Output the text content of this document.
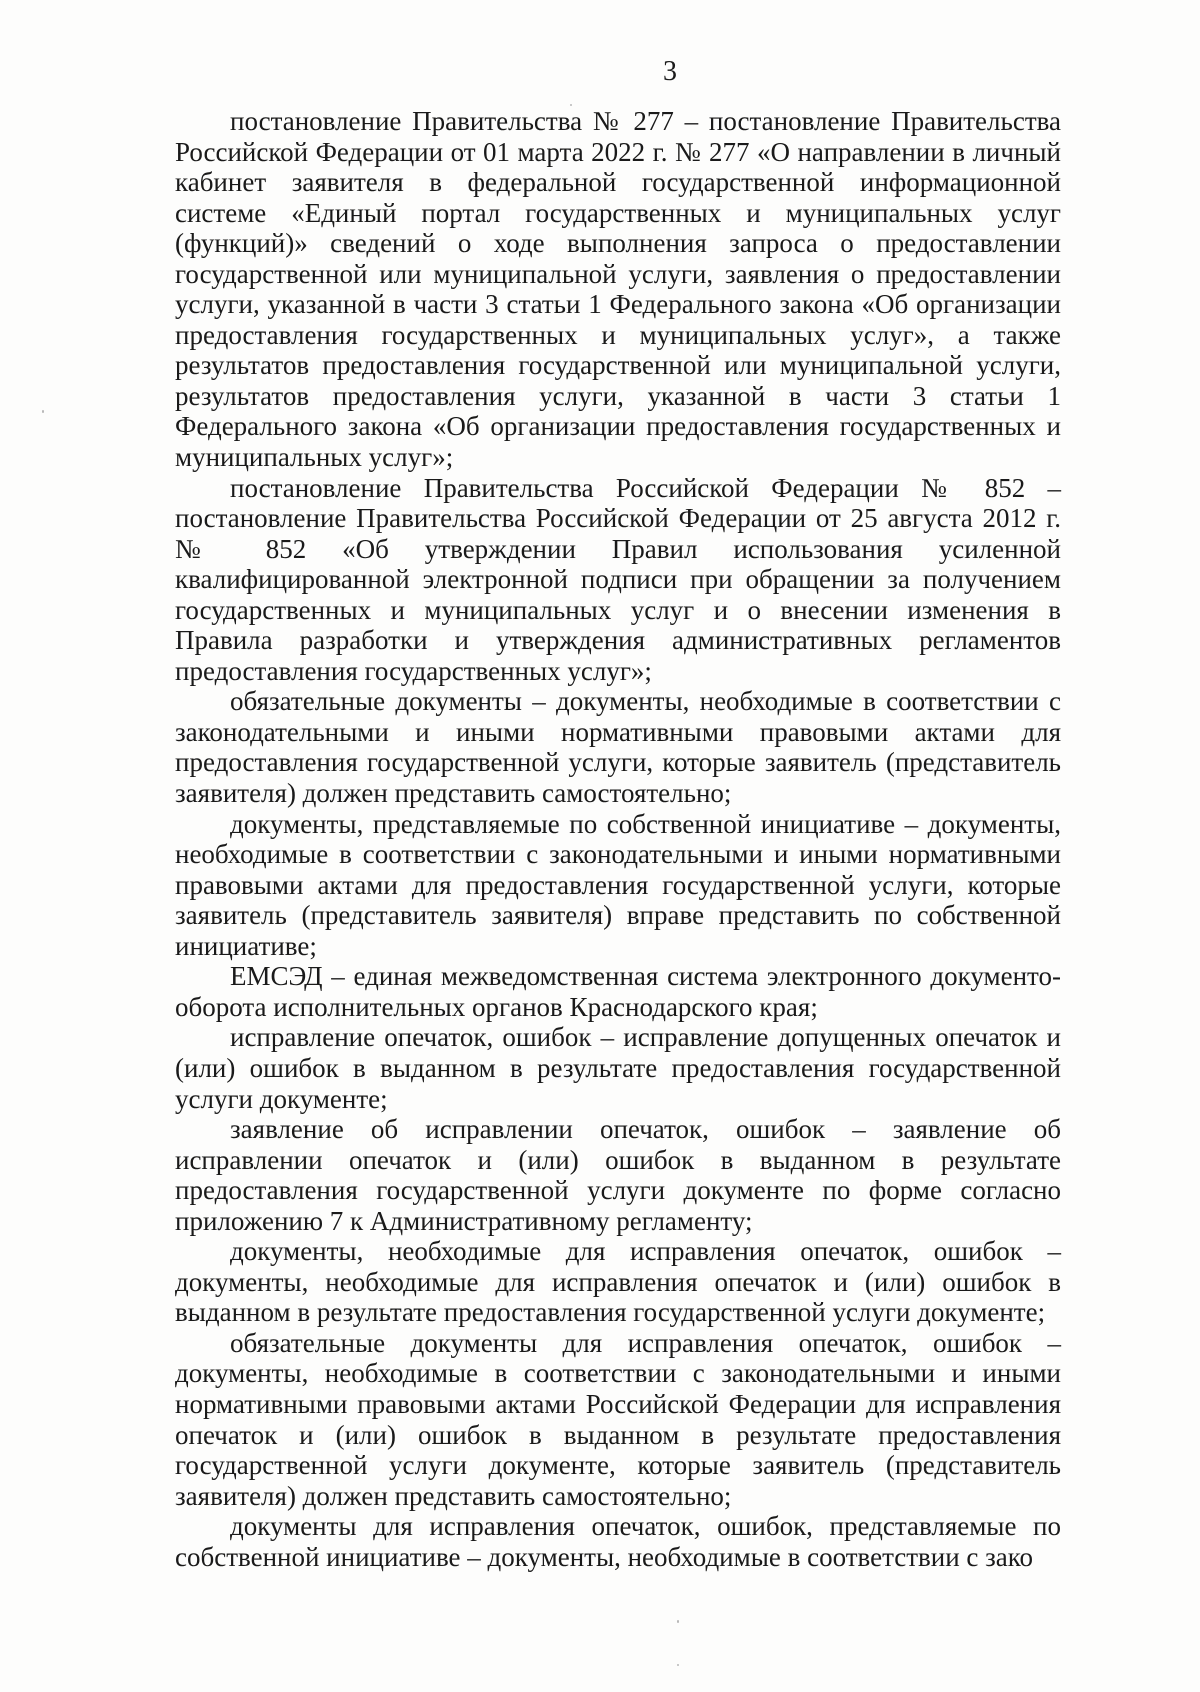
3

постановление Правительства № 277 – постановление Правительства Российской Федерации от 01 марта 2022 г. № 277 «О направлении в личный кабинет заявителя в федеральной государственной информационной системе «Единый портал государственных и муниципальных услуг (функций)» сведений о ходе выполнения запроса о предоставлении государственной или муниципальной услуги, заявления о предоставлении услуги, указанной в части 3 статьи 1 Федерального закона «Об организации предоставления государственных и муниципальных услуг», а также результатов предоставления государственной или муниципальной услуги, результатов предоставления услуги, указанной в части 3 статьи 1 Федерального закона «Об организации предоставления государственных и муниципальных услуг»;

постановление Правительства Российской Федерации № 852 – постановление Правительства Российской Федерации от 25 августа 2012 г. № 852 «Об утверждении Правил использования усиленной квалифицированной электронной подписи при обращении за получением государственных и муниципальных услуг и о внесении изменения в Правила разработки и утверждения административных регламентов предоставления государственных услуг»;

обязательные документы – документы, необходимые в соответствии с законодательными и иными нормативными правовыми актами для предоставления государственной услуги, которые заявитель (представитель заявителя) должен представить самостоятельно;

документы, представляемые по собственной инициативе – документы, необходимые в соответствии с законодательными и иными нормативными правовыми актами для предоставления государственной услуги, которые заявитель (представитель заявителя) вправе представить по собственной инициативе;

ЕМСЭД – единая межведомственная система электронного документооборота исполнительных органов Краснодарского края;

исправление опечаток, ошибок – исправление допущенных опечаток и (или) ошибок в выданном в результате предоставления государственной услуги документе;

заявление об исправлении опечаток, ошибок – заявление об исправлении опечаток и (или) ошибок в выданном в результате предоставления государственной услуги документе по форме согласно приложению 7 к Административному регламенту;

документы, необходимые для исправления опечаток, ошибок – документы, необходимые для исправления опечаток и (или) ошибок в выданном в результате предоставления государственной услуги документе;

обязательные документы для исправления опечаток, ошибок – документы, необходимые в соответствии с законодательными и иными нормативными правовыми актами Российской Федерации для исправления опечаток и (или) ошибок в выданном в результате предоставления государственной услуги документе, которые заявитель (представитель заявителя) должен представить самостоятельно;

документы для исправления опечаток, ошибок, представляемые по собственной инициативе – документы, необходимые в соответствии с зако
